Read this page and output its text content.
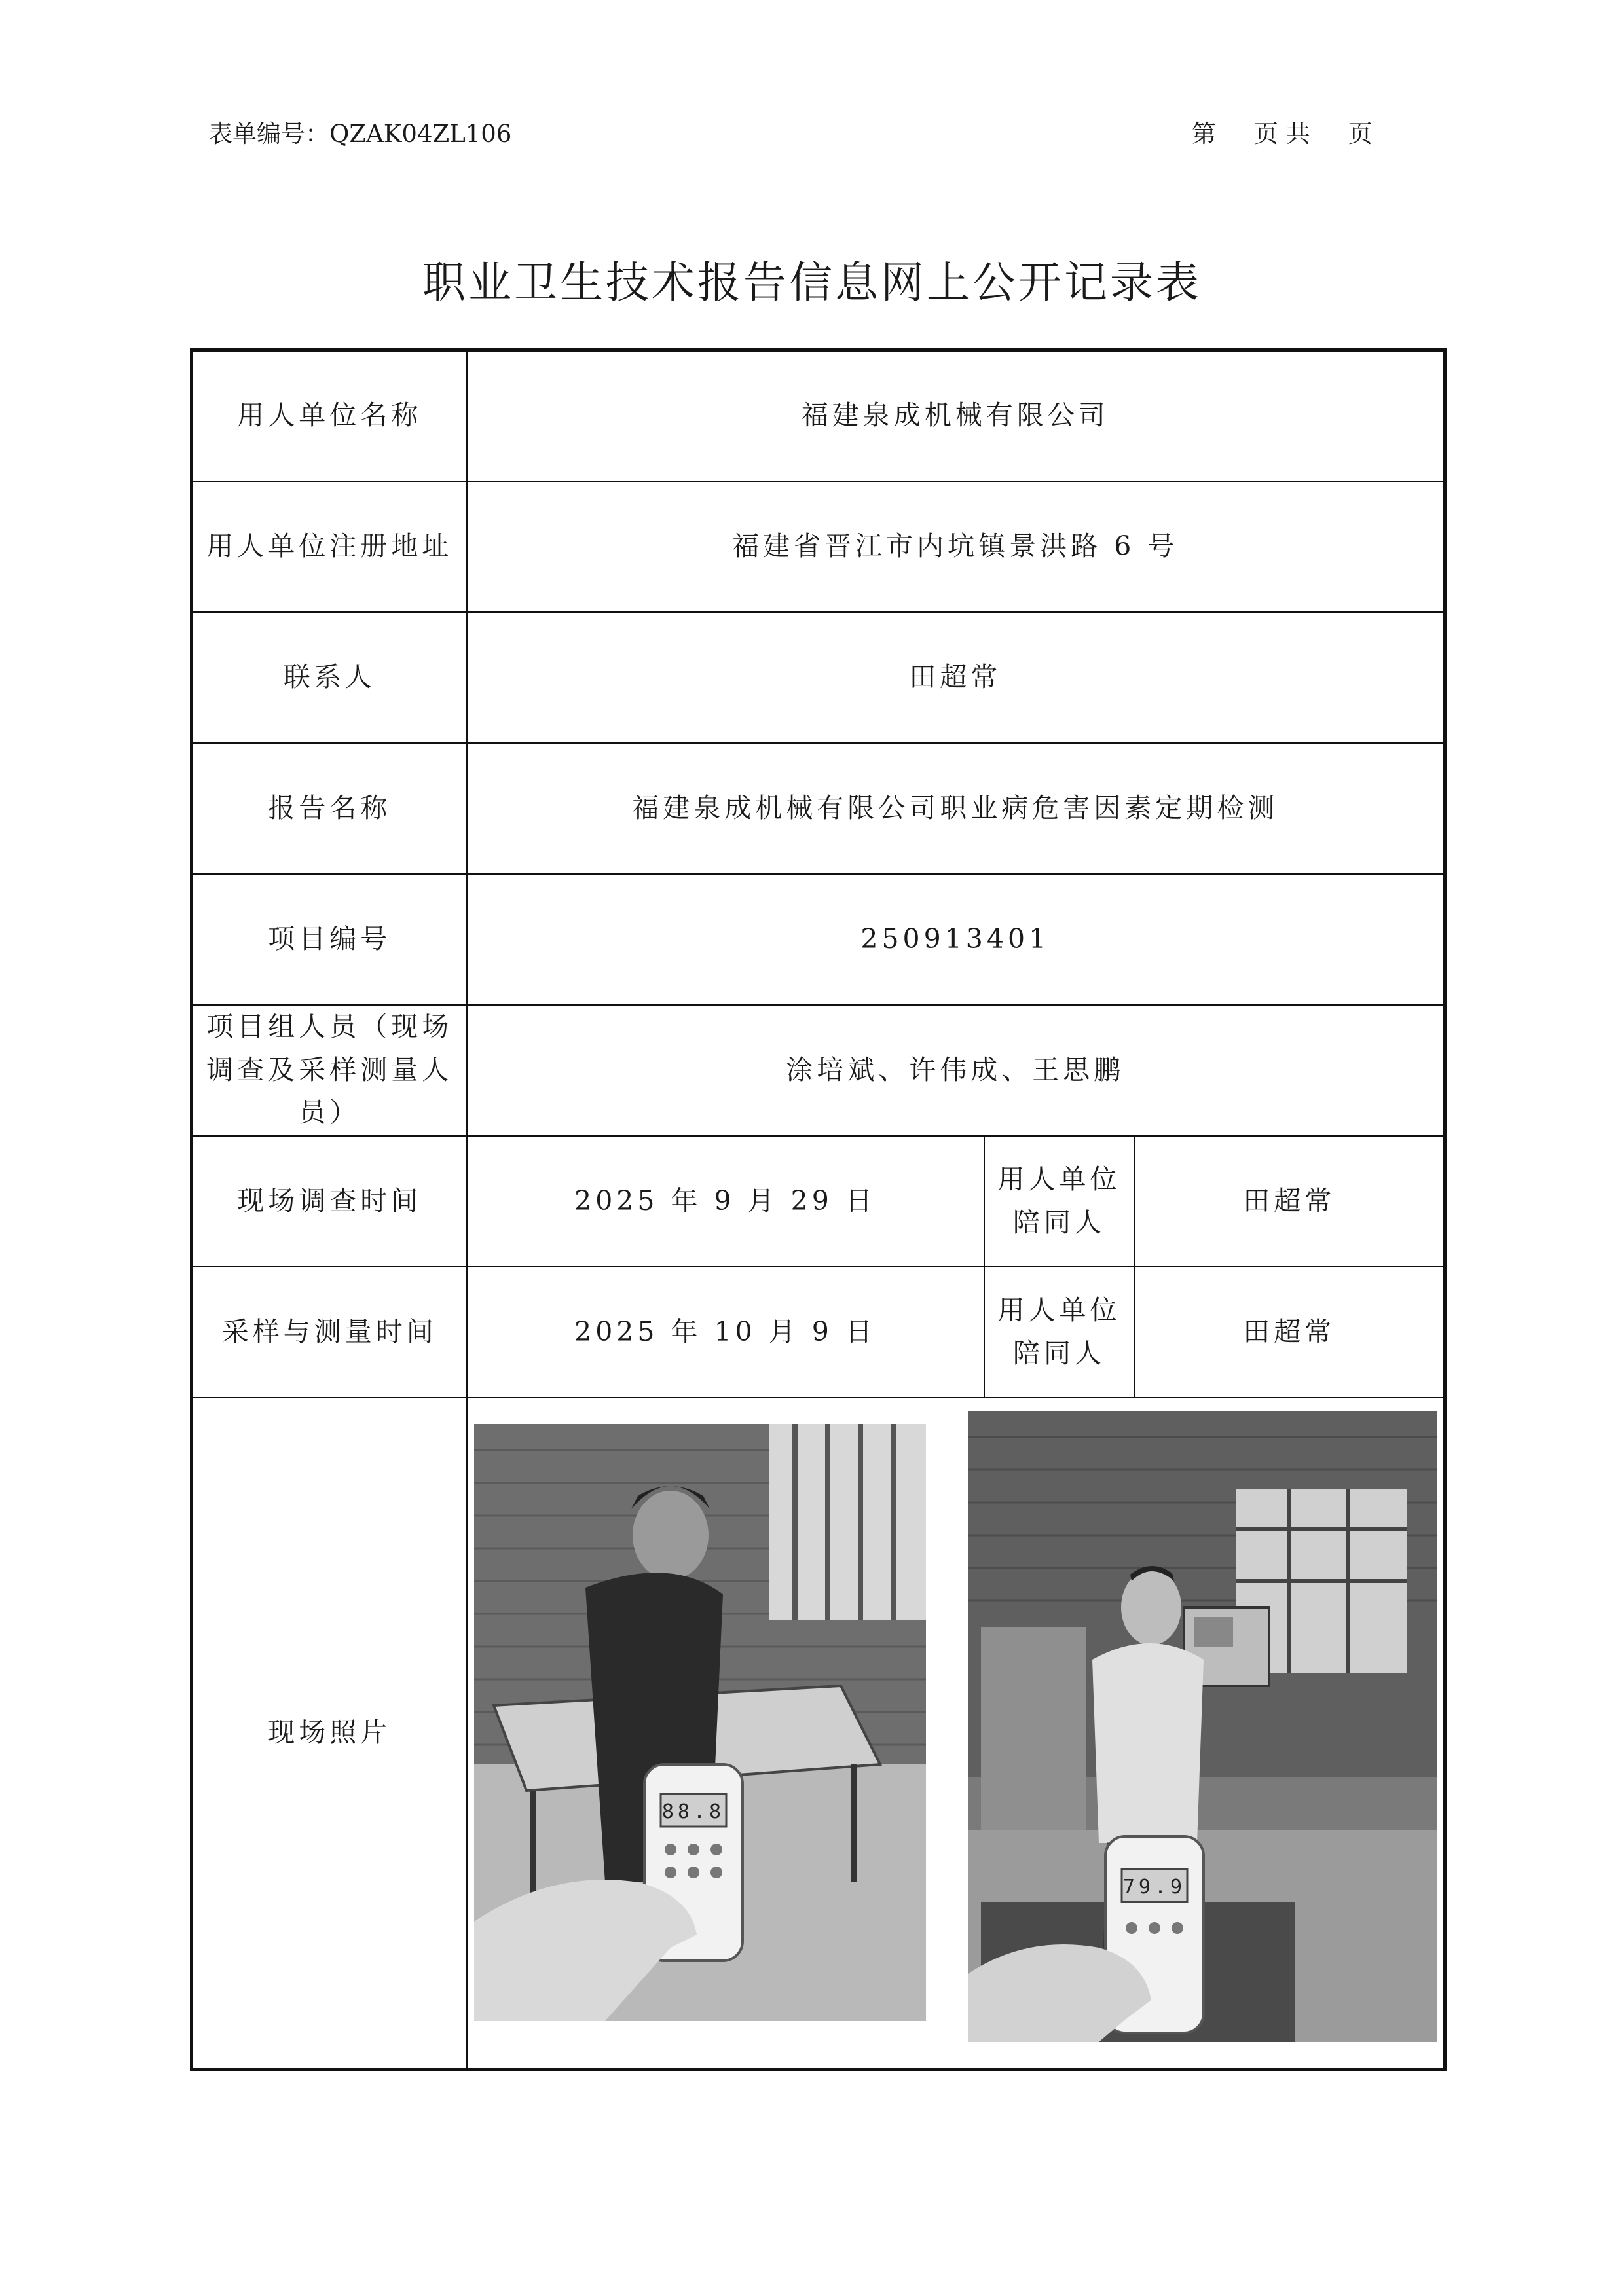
表单编号：QZAK04ZL106	第 页 共 页
职业卫生技术报告信息网上公开记录表
用人单位名称	福建泉成机械有限公司		
用人单位注册地址	福建省晋江市内坑镇景洪路 6 号		
联系人	田超常		
报告名称	福建泉成机械有限公司职业病危害因素定期检测		
项目编号	250913401		
项目组人员（现场调查及采样测量人员）	涂培斌、许伟成、王思鹏		
现场调查时间	2025 年 9 月 29 日	用人单位陪同人	田超常
采样与测量时间	2025 年 10 月 9 日	用人单位陪同人	田超常
现场照片	88.8
79.9		
